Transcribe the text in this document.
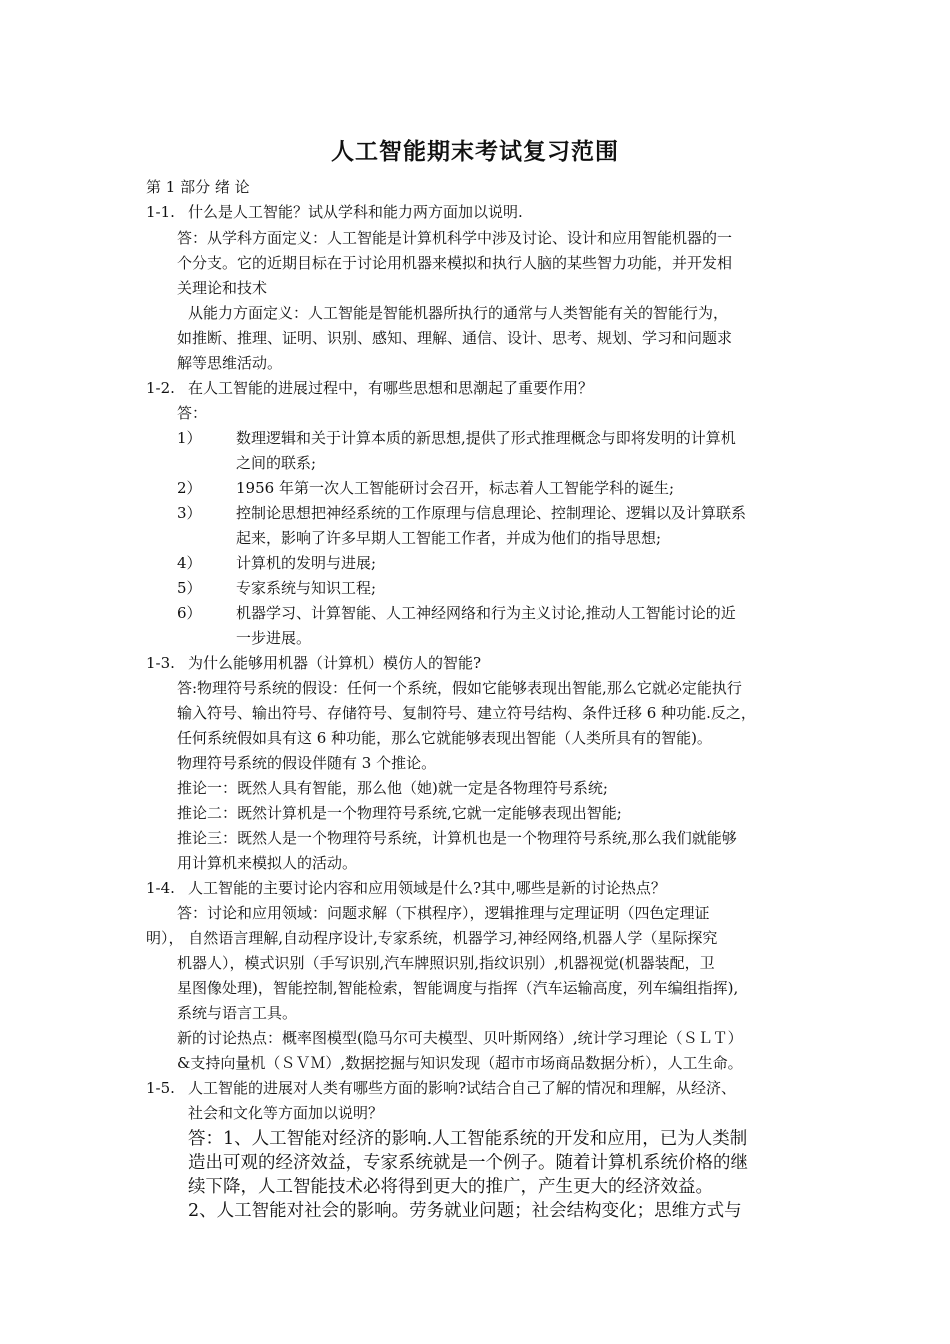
人工智能期末考试复习范围
第 1 部分 绪 论
1-1. 什么是人工智能？试从学科和能力两方面加以说明.
答：从学科方面定义：人工智能是计算机科学中涉及讨论、设计和应用智能机器的一
个分支。它的近期目标在于讨论用机器来模拟和执行人脑的某些智力功能，并开发相
关理论和技术
从能力方面定义：人工智能是智能机器所执行的通常与人类智能有关的智能行为，
如推断、推理、证明、识别、感知、理解、通信、设计、思考、规划、学习和问题求
解等思维活动。
1-2. 在人工智能的进展过程中，有哪些思想和思潮起了重要作用？
答：
1） 数理逻辑和关于计算本质的新思想,提供了形式推理概念与即将发明的计算机
之间的联系;
2） 1956 年第一次人工智能研讨会召开，标志着人工智能学科的诞生;
3） 控制论思想把神经系统的工作原理与信息理论、控制理论、逻辑以及计算联系
起来，影响了许多早期人工智能工作者，并成为他们的指导思想;
4） 计算机的发明与进展;
5） 专家系统与知识工程;
6） 机器学习、计算智能、人工神经网络和行为主义讨论,推动人工智能讨论的近
一步进展。
1-3. 为什么能够用机器（计算机）模仿人的智能?
答:物理符号系统的假设：任何一个系统，假如它能够表现出智能,那么它就必定能执行
输入符号、输出符号、存储符号、复制符号、建立符号结构、条件迁移 6 种功能.反之，
任何系统假如具有这 6 种功能，那么它就能够表现出智能（人类所具有的智能)。
物理符号系统的假设伴随有 3 个推论。
推论一：既然人具有智能，那么他（她)就一定是各物理符号系统;
推论二：既然计算机是一个物理符号系统,它就一定能够表现出智能;
推论三：既然人是一个物理符号系统，计算机也是一个物理符号系统,那么我们就能够
用计算机来模拟人的活动。
1-4. 人工智能的主要讨论内容和应用领域是什么?其中,哪些是新的讨论热点？
答：讨论和应用领域：问题求解（下棋程序），逻辑推理与定理证明（四色定理证
明）， 自然语言理解,自动程序设计,专家系统，机器学习,神经网络,机器人学（星际探究
机器人），模式识别（手写识别,汽车牌照识别,指纹识别）,机器视觉(机器装配，卫
星图像处理)，智能控制,智能检索，智能调度与指挥（汽车运输高度，列车编组指挥),
系统与语言工具。
新的讨论热点：概率图模型(隐马尔可夫模型、贝叶斯网络）,统计学习理论（ＳＬＴ）
&支持向量机（ＳＶＭ）,数据挖掘与知识发现（超市市场商品数据分析），人工生命。
1-5. 人工智能的进展对人类有哪些方面的影响?试结合自己了解的情况和理解，从经济、
社会和文化等方面加以说明？
答：1、人工智能对经济的影响.人工智能系统的开发和应用，已为人类制
造出可观的经济效益，专家系统就是一个例子。随着计算机系统价格的继
续下降，人工智能技术必将得到更大的推广，产生更大的经济效益。
2、人工智能对社会的影响。劳务就业问题；社会结构变化；思维方式与
